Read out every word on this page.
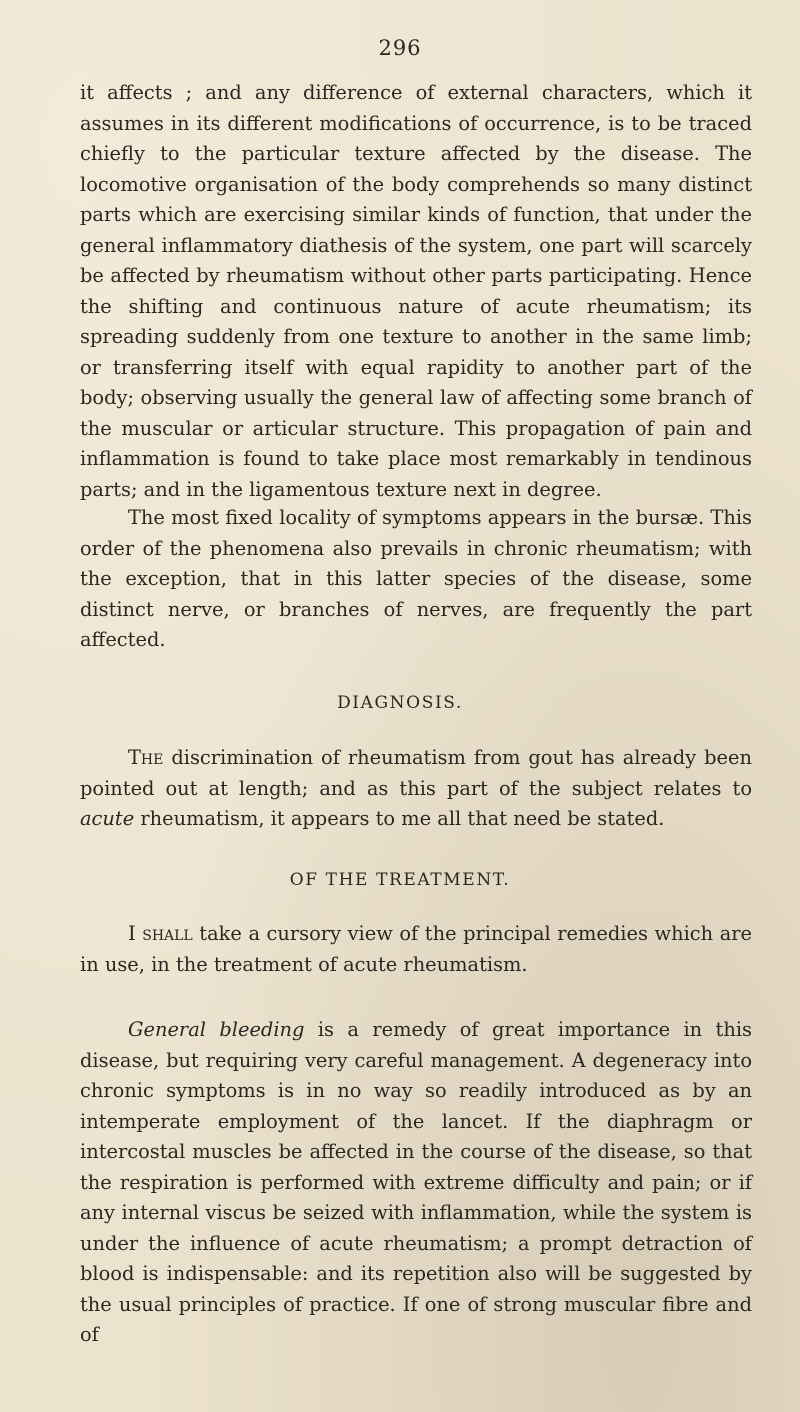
296

it affects ; and any difference of external characters, which it assumes in its different modifications of occurrence, is to be traced chiefly to the particular texture affected by the disease. The locomotive organisation of the body comprehends so many distinct parts which are exercising similar kinds of function, that under the general inflammatory diathesis of the system, one part will scarcely be affected by rheumatism without other parts participating. Hence the shifting and continuous nature of acute rheumatism; its spreading suddenly from one texture to another in the same limb; or transferring itself with equal rapidity to another part of the body; observing usually the general law of affecting some branch of the muscular or articular structure. This propagation of pain and inflammation is found to take place most remarkably in tendinous parts; and in the ligamentous texture next in degree.

The most fixed locality of symptoms appears in the bursæ. This order of the phenomena also prevails in chronic rheumatism; with the exception, that in this latter species of the disease, some distinct nerve, or branches of nerves, are frequently the part affected.

DIAGNOSIS.

The discrimination of rheumatism from gout has already been pointed out at length; and as this part of the subject relates to acute rheumatism, it appears to me all that need be stated.

OF THE TREATMENT.

I shall take a cursory view of the principal remedies which are in use, in the treatment of acute rheumatism.

General bleeding is a remedy of great importance in this disease, but requiring very careful management. A degeneracy into chronic symptoms is in no way so readily introduced as by an intemperate employment of the lancet. If the diaphragm or intercostal muscles be affected in the course of the disease, so that the respiration is performed with extreme difficulty and pain; or if any internal viscus be seized with inflammation, while the system is under the influence of acute rheumatism; a prompt detraction of blood is indispensable: and its repetition also will be suggested by the usual principles of practice. If one of strong muscular fibre and of
